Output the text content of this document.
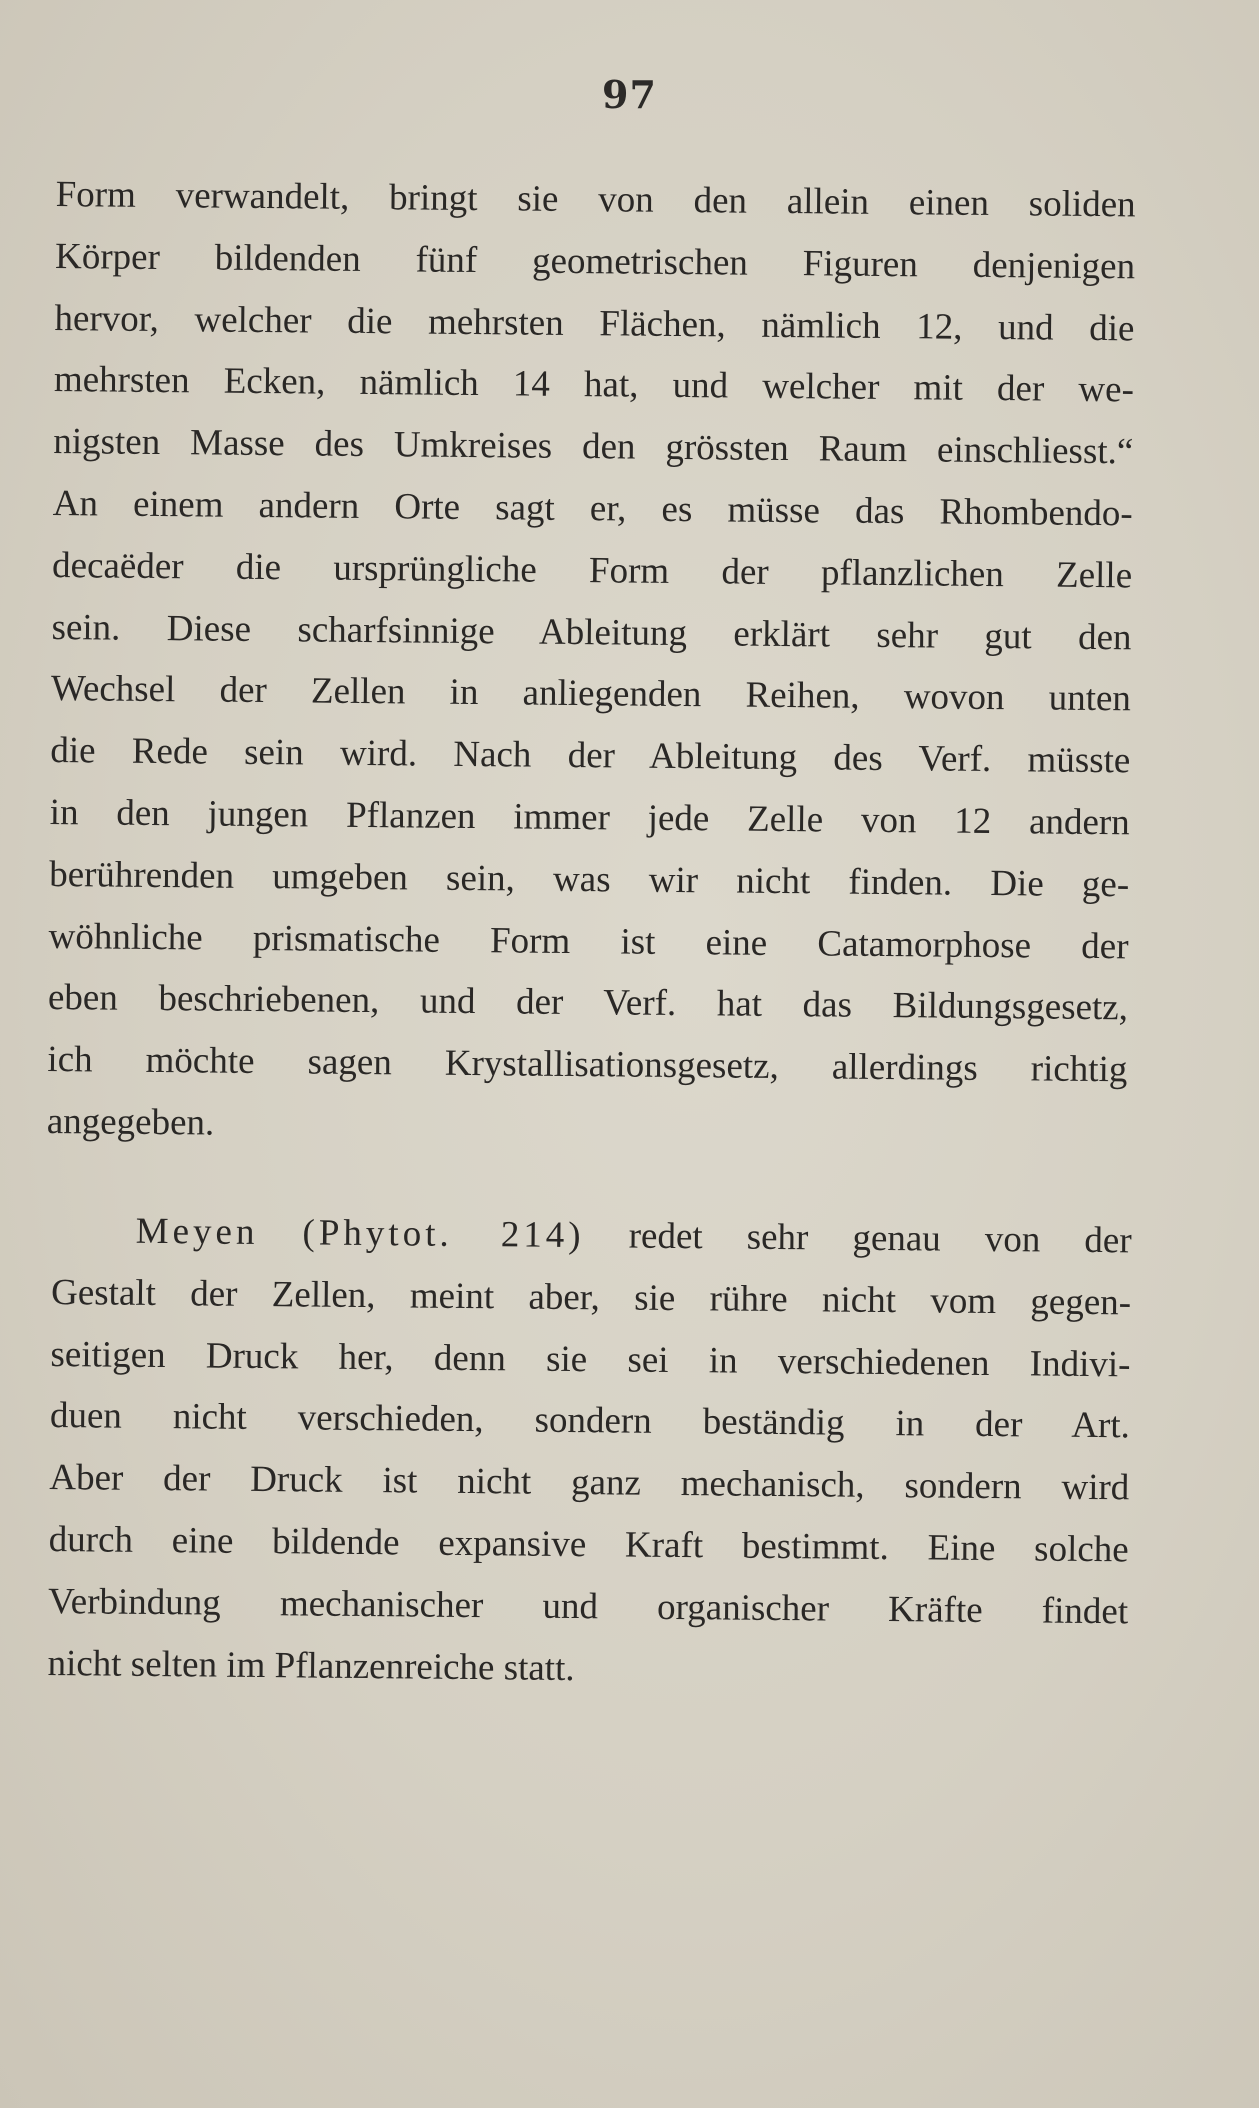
97
Form verwandelt, bringt sie von den allein einen soliden
Körper bildenden fünf geometrischen Figuren denjenigen
hervor, welcher die mehrsten Flächen, nämlich 12, und die
mehrsten Ecken, nämlich 14 hat, und welcher mit der we-
nigsten Masse des Umkreises den grössten Raum einschliesst.“
An einem andern Orte sagt er, es müsse das Rhombendo-
decaëder die ursprüngliche Form der pflanzlichen Zelle
sein. Diese scharfsinnige Ableitung erklärt sehr gut den
Wechsel der Zellen in anliegenden Reihen, wovon unten
die Rede sein wird. Nach der Ableitung des Verf. müsste
in den jungen Pflanzen immer jede Zelle von 12 andern
berührenden umgeben sein, was wir nicht finden. Die ge-
wöhnliche prismatische Form ist eine Catamorphose der
eben beschriebenen, und der Verf. hat das Bildungsgesetz,
ich möchte sagen Krystallisationsgesetz, allerdings richtig
angegeben.
Meyen (Phytot. 214) redet sehr genau von der
Gestalt der Zellen, meint aber, sie rühre nicht vom gegen-
seitigen Druck her, denn sie sei in verschiedenen Indivi-
duen nicht verschieden, sondern beständig in der Art.
Aber der Druck ist nicht ganz mechanisch, sondern wird
durch eine bildende expansive Kraft bestimmt. Eine solche
Verbindung mechanischer und organischer Kräfte findet
nicht selten im Pflanzenreiche statt.
